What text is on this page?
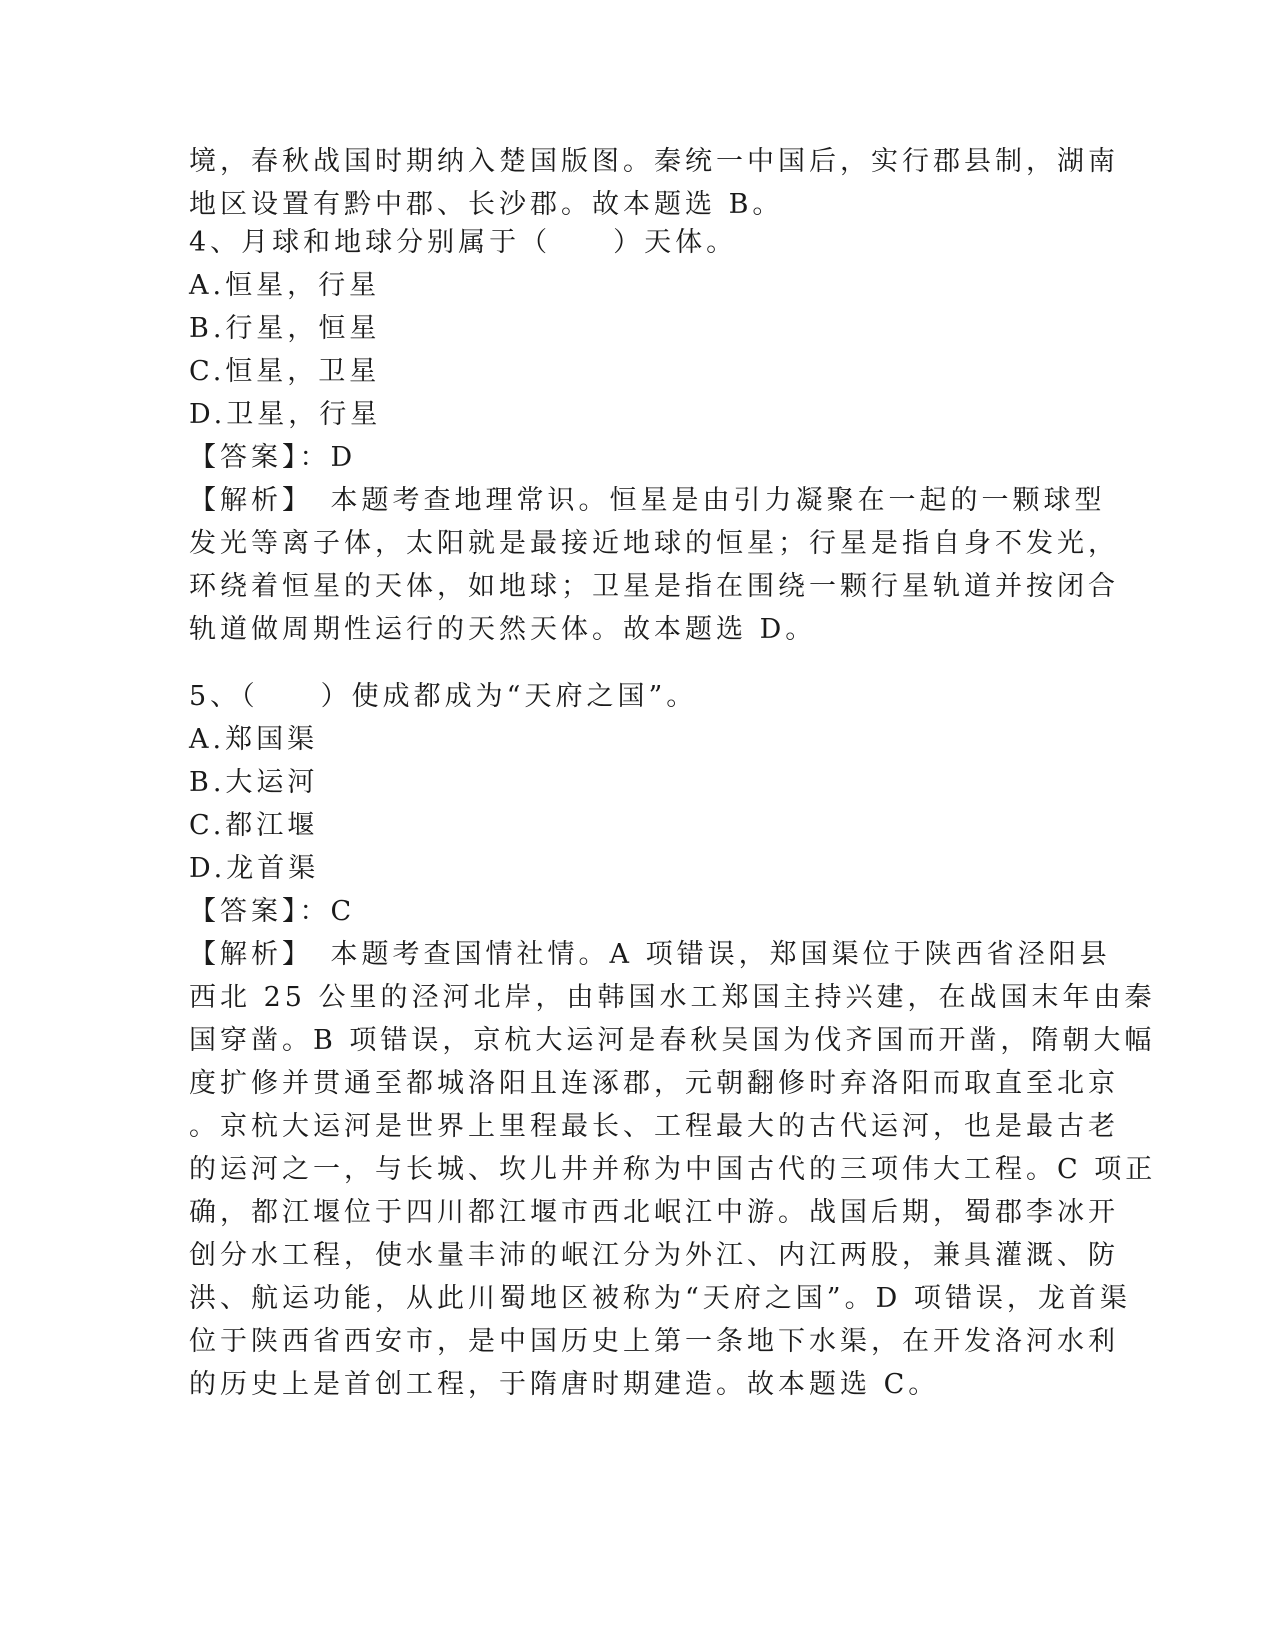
境，春秋战国时期纳入楚国版图。秦统一中国后，实行郡县制，湖南
地区设置有黔中郡、长沙郡。故本题选 B。
4、月球和地球分别属于（　　）天体。
A.恒星，行星
B.行星，恒星
C.恒星，卫星
D.卫星，行星
【答案】：D
【解析】　本题考查地理常识。恒星是由引力凝聚在一起的一颗球型
发光等离子体，太阳就是最接近地球的恒星；行星是指自身不发光，
环绕着恒星的天体，如地球；卫星是指在围绕一颗行星轨道并按闭合
轨道做周期性运行的天然天体。故本题选 D。
5、（　　）使成都成为“天府之国”。
A.郑国渠
B.大运河
C.都江堰
D.龙首渠
【答案】：C
【解析】　本题考查国情社情。A 项错误，郑国渠位于陕西省泾阳县
西北 25 公里的泾河北岸，由韩国水工郑国主持兴建，在战国末年由秦
国穿凿。B 项错误，京杭大运河是春秋吴国为伐齐国而开凿，隋朝大幅
度扩修并贯通至都城洛阳且连涿郡，元朝翻修时弃洛阳而取直至北京
。京杭大运河是世界上里程最长、工程最大的古代运河，也是最古老
的运河之一，与长城、坎儿井并称为中国古代的三项伟大工程。C 项正
确，都江堰位于四川都江堰市西北岷江中游。战国后期，蜀郡李冰开
创分水工程，使水量丰沛的岷江分为外江、内江两股，兼具灌溉、防
洪、航运功能，从此川蜀地区被称为“天府之国”。D 项错误，龙首渠
位于陕西省西安市，是中国历史上第一条地下水渠，在开发洛河水利
的历史上是首创工程，于隋唐时期建造。故本题选 C。
